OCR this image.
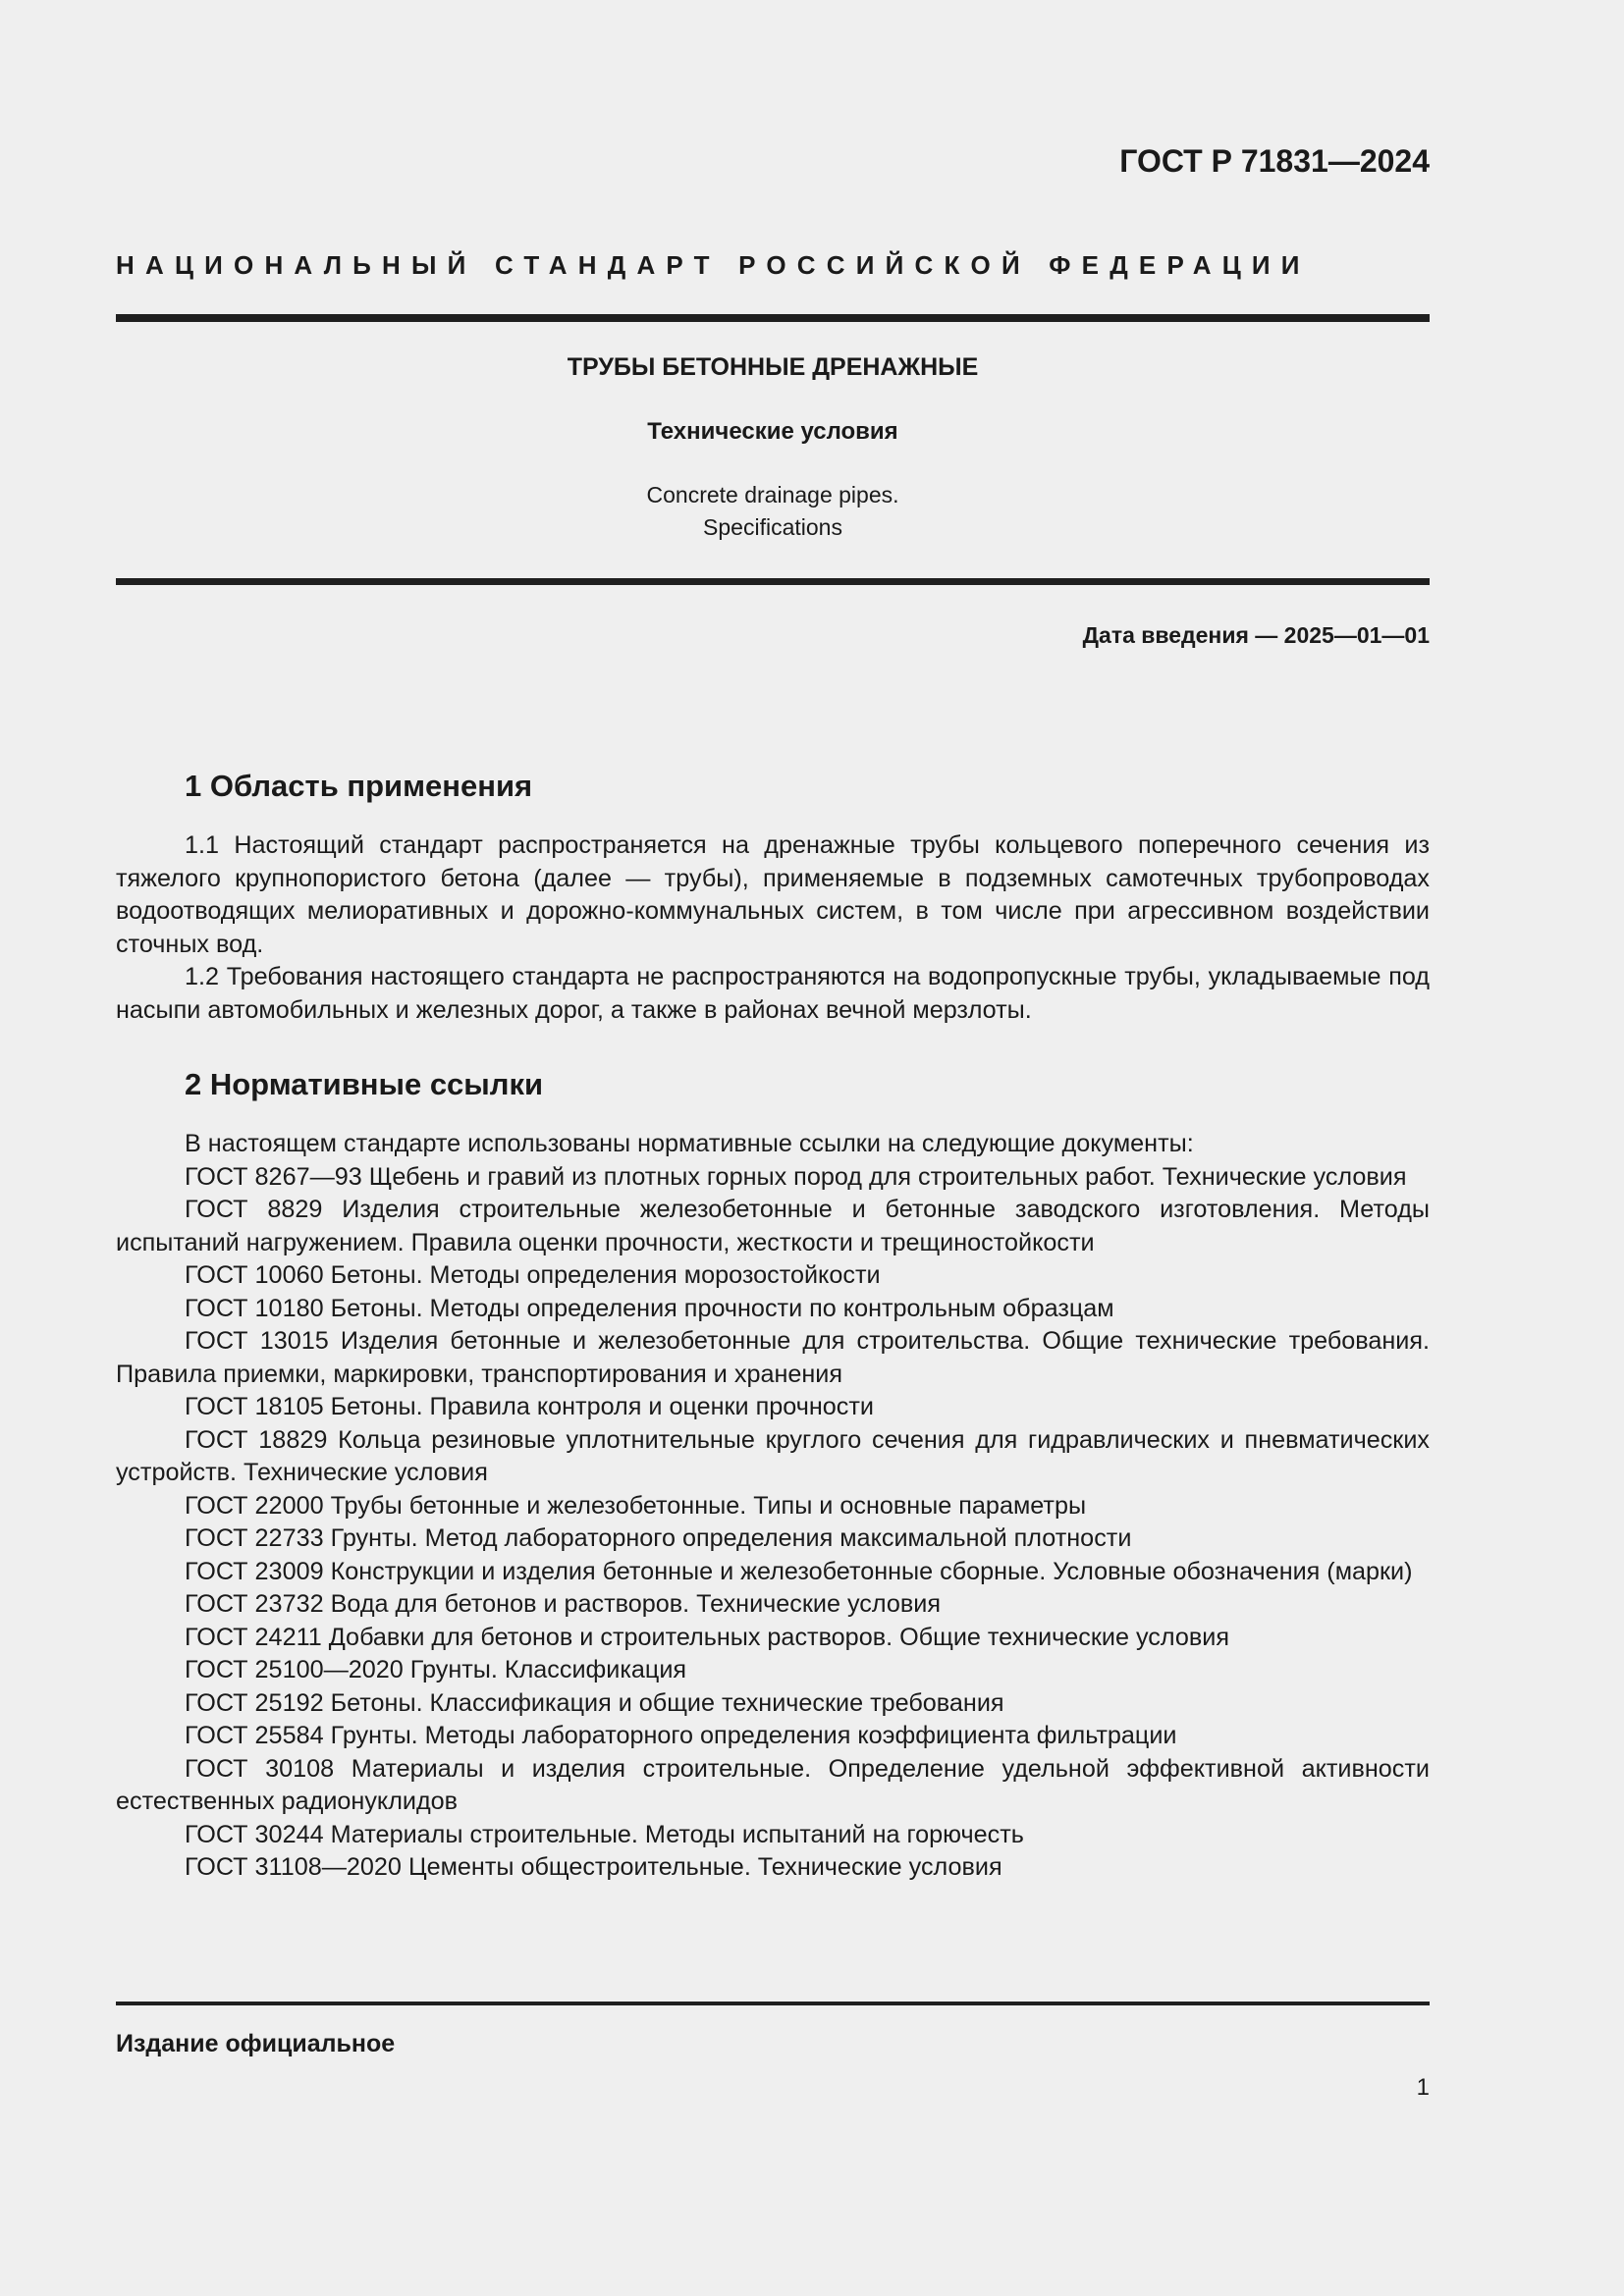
ГОСТ Р 71831—2024
НАЦИОНАЛЬНЫЙ СТАНДАРТ РОССИЙСКОЙ ФЕДЕРАЦИИ
ТРУБЫ БЕТОННЫЕ ДРЕНАЖНЫЕ
Технические условия
Concrete drainage pipes.
Specifications
Дата введения — 2025—01—01
1 Область применения

1.1 Настоящий стандарт распространяется на дренажные трубы кольцевого поперечного сечения из тяжелого крупнопористого бетона (далее — трубы), применяемые в подземных самотечных трубопроводах водоотводящих мелиоративных и дорожно-коммунальных систем, в том числе при агрессивном воздействии сточных вод.

1.2 Требования настоящего стандарта не распространяются на водопропускные трубы, укладываемые под насыпи автомобильных и железных дорог, а также в районах вечной мерзлоты.

2 Нормативные ссылки

В настоящем стандарте использованы нормативные ссылки на следующие документы:

ГОСТ 8267—93 Щебень и гравий из плотных горных пород для строительных работ. Технические условия

ГОСТ 8829 Изделия строительные железобетонные и бетонные заводского изготовления. Методы испытаний нагружением. Правила оценки прочности, жесткости и трещиностойкости

ГОСТ 10060 Бетоны. Методы определения морозостойкости

ГОСТ 10180 Бетоны. Методы определения прочности по контрольным образцам

ГОСТ 13015 Изделия бетонные и железобетонные для строительства. Общие технические требования. Правила приемки, маркировки, транспортирования и хранения

ГОСТ 18105 Бетоны. Правила контроля и оценки прочности

ГОСТ 18829 Кольца резиновые уплотнительные круглого сечения для гидравлических и пневматических устройств. Технические условия

ГОСТ 22000 Трубы бетонные и железобетонные. Типы и основные параметры

ГОСТ 22733 Грунты. Метод лабораторного определения максимальной плотности

ГОСТ 23009 Конструкции и изделия бетонные и железобетонные сборные. Условные обозначения (марки)

ГОСТ 23732 Вода для бетонов и растворов. Технические условия

ГОСТ 24211 Добавки для бетонов и строительных растворов. Общие технические условия

ГОСТ 25100—2020 Грунты. Классификация

ГОСТ 25192 Бетоны. Классификация и общие технические требования

ГОСТ 25584 Грунты. Методы лабораторного определения коэффициента фильтрации

ГОСТ 30108 Материалы и изделия строительные. Определение удельной эффективной активности естественных радионуклидов

ГОСТ 30244 Материалы строительные. Методы испытаний на горючесть

ГОСТ 31108—2020 Цементы общестроительные. Технические условия

Издание официальное
1
